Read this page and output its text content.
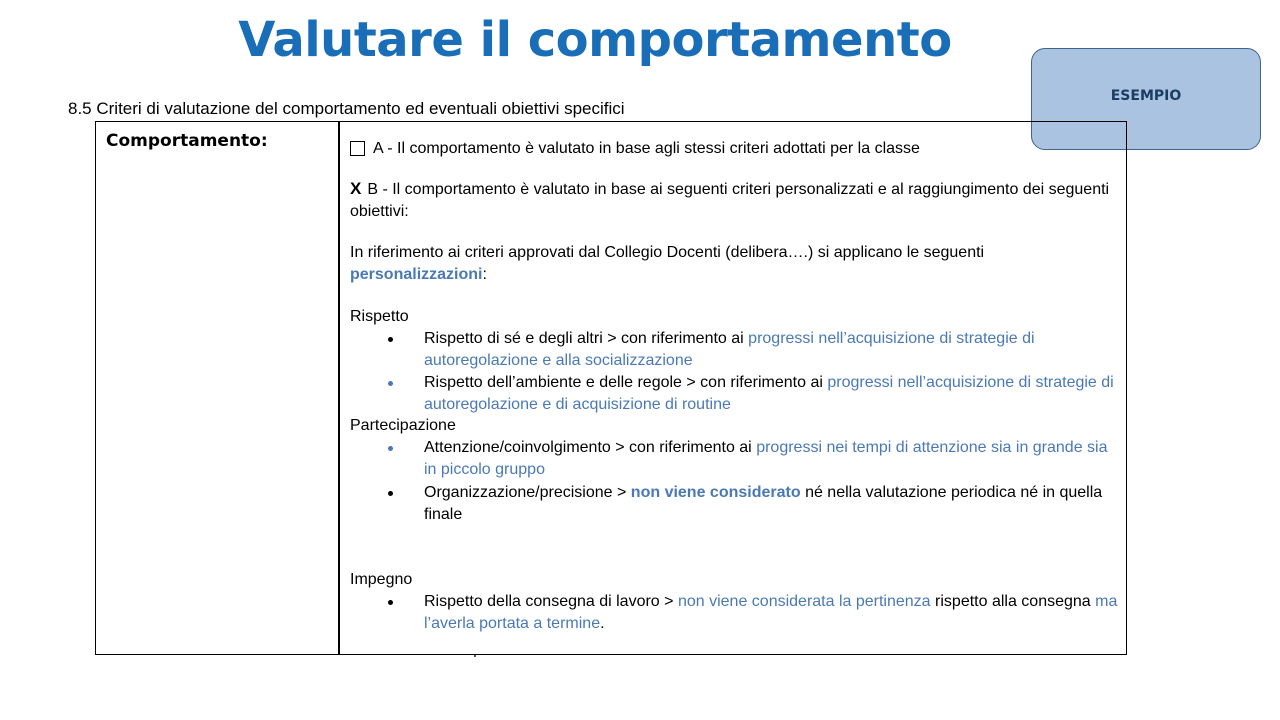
Valutare il comportamento
ESEMPIO
8.5 Criteri di valutazione del comportamento ed eventuali obiettivi specifici
Comportamento:	A - Il comportamento è valutato in base agli stessi criteri adottati per la classe
X B - Il comportamento è valutato in base ai seguenti criteri personalizzati e al raggiungimento dei seguenti obiettivi:
In riferimento ai criteri approvati dal Collegio Docenti (delibera….) si applicano le seguenti personalizzazioni:
Rispetto
Rispetto di sé e degli altri > con riferimento ai progressi nell’acquisizione di strategie di autoregolazione e alla socializzazione
Rispetto dell’ambiente e delle regole > con riferimento ai progressi nell’acquisizione di strategie di autoregolazione e di acquisizione di routine
Partecipazione
Attenzione/coinvolgimento > con riferimento ai progressi nei tempi di attenzione sia in grande sia in piccolo gruppo
Organizzazione/precisione > non viene considerato né nella valutazione periodica né in quella finale
Impegno
Rispetto della consegna di lavoro > non viene considerata la pertinenza rispetto alla consegna ma l’averla portata a termine.
